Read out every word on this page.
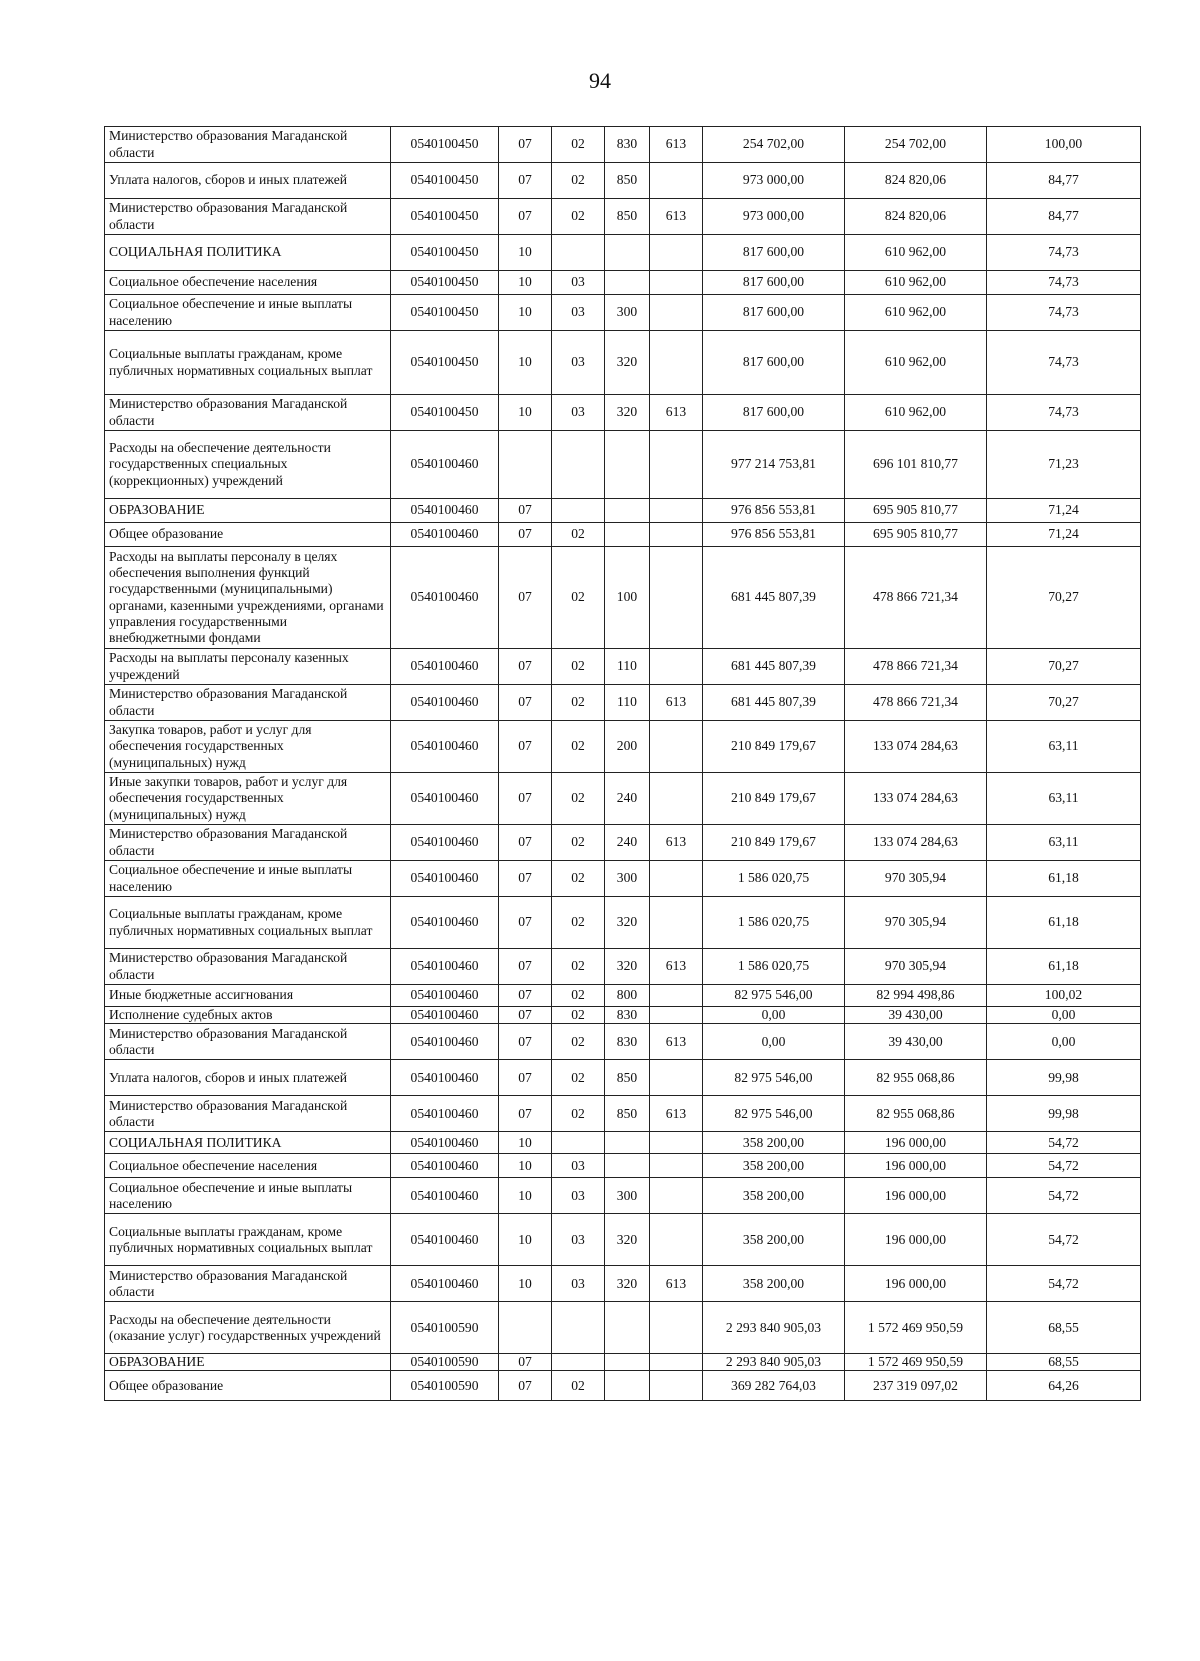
94
Министерство образования Магаданской области	0540100450	07	02	830	613	254 702,00	254 702,00	100,00
Уплата налогов, сборов и иных платежей	0540100450	07	02	850		973 000,00	824 820,06	84,77
Министерство образования Магаданской области	0540100450	07	02	850	613	973 000,00	824 820,06	84,77
СОЦИАЛЬНАЯ ПОЛИТИКА	0540100450	10				817 600,00	610 962,00	74,73
Социальное обеспечение населения	0540100450	10	03			817 600,00	610 962,00	74,73
Социальное обеспечение и иные выплаты населению	0540100450	10	03	300		817 600,00	610 962,00	74,73
Социальные выплаты гражданам, кроме публичных нормативных социальных выплат	0540100450	10	03	320		817 600,00	610 962,00	74,73
Министерство образования Магаданской области	0540100450	10	03	320	613	817 600,00	610 962,00	74,73
Расходы на обеспечение деятельности государственных специальных (коррекционных) учреждений	0540100460					977 214 753,81	696 101 810,77	71,23
ОБРАЗОВАНИЕ	0540100460	07				976 856 553,81	695 905 810,77	71,24
Общее образование	0540100460	07	02			976 856 553,81	695 905 810,77	71,24
Расходы на выплаты персоналу в целях обеспечения выполнения функций государственными (муниципальными) органами, казенными учреждениями, органами управления государственными внебюджетными фондами	0540100460	07	02	100		681 445 807,39	478 866 721,34	70,27
Расходы на выплаты персоналу казенных учреждений	0540100460	07	02	110		681 445 807,39	478 866 721,34	70,27
Министерство образования Магаданской области	0540100460	07	02	110	613	681 445 807,39	478 866 721,34	70,27
Закупка товаров, работ и услуг для обеспечения государственных (муниципальных) нужд	0540100460	07	02	200		210 849 179,67	133 074 284,63	63,11
Иные закупки товаров, работ и услуг для обеспечения государственных (муниципальных) нужд	0540100460	07	02	240		210 849 179,67	133 074 284,63	63,11
Министерство образования Магаданской области	0540100460	07	02	240	613	210 849 179,67	133 074 284,63	63,11
Социальное обеспечение и иные выплаты населению	0540100460	07	02	300		1 586 020,75	970 305,94	61,18
Социальные выплаты гражданам, кроме публичных нормативных социальных выплат	0540100460	07	02	320		1 586 020,75	970 305,94	61,18
Министерство образования Магаданской области	0540100460	07	02	320	613	1 586 020,75	970 305,94	61,18
Иные бюджетные ассигнования	0540100460	07	02	800		82 975 546,00	82 994 498,86	100,02
Исполнение судебных актов	0540100460	07	02	830		0,00	39 430,00	0,00
Министерство образования Магаданской области	0540100460	07	02	830	613	0,00	39 430,00	0,00
Уплата налогов, сборов и иных платежей	0540100460	07	02	850		82 975 546,00	82 955 068,86	99,98
Министерство образования Магаданской области	0540100460	07	02	850	613	82 975 546,00	82 955 068,86	99,98
СОЦИАЛЬНАЯ ПОЛИТИКА	0540100460	10				358 200,00	196 000,00	54,72
Социальное обеспечение населения	0540100460	10	03			358 200,00	196 000,00	54,72
Социальное обеспечение и иные выплаты населению	0540100460	10	03	300		358 200,00	196 000,00	54,72
Социальные выплаты гражданам, кроме публичных нормативных социальных выплат	0540100460	10	03	320		358 200,00	196 000,00	54,72
Министерство образования Магаданской области	0540100460	10	03	320	613	358 200,00	196 000,00	54,72
Расходы на обеспечение деятельности (оказание услуг) государственных учреждений	0540100590					2 293 840 905,03	1 572 469 950,59	68,55
ОБРАЗОВАНИЕ	0540100590	07				2 293 840 905,03	1 572 469 950,59	68,55
Общее образование	0540100590	07	02			369 282 764,03	237 319 097,02	64,26
